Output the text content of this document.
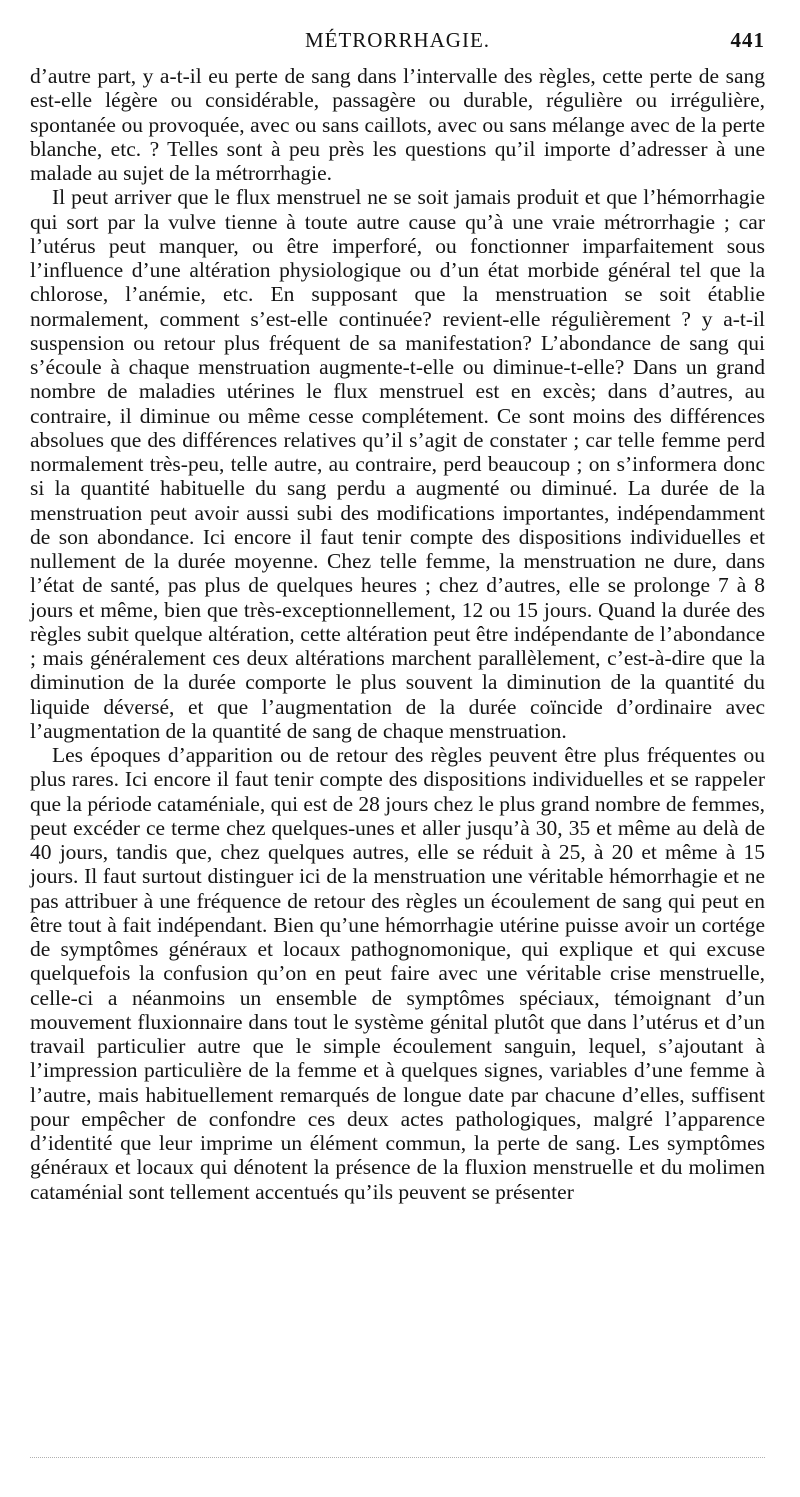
MÉTRORRHAGIE.	441

d’autre part, y a-t-il eu perte de sang dans l’intervalle des règles, cette perte de sang est-elle légère ou considérable, passagère ou durable, régulière ou irrégulière, spontanée ou provoquée, avec ou sans caillots, avec ou sans mélange avec de la perte blanche, etc. ? Telles sont à peu près les questions qu’il importe d’adresser à une malade au sujet de la métrorrhagie.

Il peut arriver que le flux menstruel ne se soit jamais produit et que l’hémorrhagie qui sort par la vulve tienne à toute autre cause qu’à une vraie métrorrhagie ; car l’utérus peut manquer, ou être imperforé, ou fonctionner imparfaitement sous l’influence d’une altération physiologique ou d’un état morbide général tel que la chlorose, l’anémie, etc. En supposant que la menstruation se soit établie normalement, comment s’est-elle continuée? revient-elle régulièrement ? y a-t-il suspension ou retour plus fréquent de sa manifestation? L’abondance de sang qui s’écoule à chaque menstruation augmente-t-elle ou diminue-t-elle? Dans un grand nombre de maladies utérines le flux menstruel est en excès; dans d’autres, au contraire, il diminue ou même cesse complétement. Ce sont moins des différences absolues que des différences relatives qu’il s’agit de constater ; car telle femme perd normalement très-peu, telle autre, au contraire, perd beaucoup ; on s’informera donc si la quantité habituelle du sang perdu a augmenté ou diminué. La durée de la menstruation peut avoir aussi subi des modifications importantes, indépendamment de son abondance. Ici encore il faut tenir compte des dispositions individuelles et nullement de la durée moyenne. Chez telle femme, la menstruation ne dure, dans l’état de santé, pas plus de quelques heures ; chez d’autres, elle se prolonge 7 à 8 jours et même, bien que très-exceptionnellement, 12 ou 15 jours. Quand la durée des règles subit quelque altération, cette altération peut être indépendante de l’abondance ; mais généralement ces deux altérations marchent parallèlement, c’est-à-dire que la diminution de la durée comporte le plus souvent la diminution de la quantité du liquide déversé, et que l’augmentation de la durée coïncide d’ordinaire avec l’augmentation de la quantité de sang de chaque menstruation.

Les époques d’apparition ou de retour des règles peuvent être plus fréquentes ou plus rares. Ici encore il faut tenir compte des dispositions individuelles et se rappeler que la période cataméniale, qui est de 28 jours chez le plus grand nombre de femmes, peut excéder ce terme chez quelques-unes et aller jusqu’à 30, 35 et même au delà de 40 jours, tandis que, chez quelques autres, elle se réduit à 25, à 20 et même à 15 jours. Il faut surtout distinguer ici de la menstruation une véritable hémorrhagie et ne pas attribuer à une fréquence de retour des règles un écoulement de sang qui peut en être tout à fait indépendant. Bien qu’une hémorrhagie utérine puisse avoir un cortége de symptômes généraux et locaux pathognomonique, qui explique et qui excuse quelquefois la confusion qu’on en peut faire avec une véritable crise menstruelle, celle-ci a néanmoins un ensemble de symptômes spéciaux, témoignant d’un mouvement fluxionnaire dans tout le système génital plutôt que dans l’utérus et d’un travail particulier autre que le simple écoulement sanguin, lequel, s’ajoutant à l’impression particulière de la femme et à quelques signes, variables d’une femme à l’autre, mais habituellement remarqués de longue date par chacune d’elles, suffisent pour empêcher de confondre ces deux actes pathologiques, malgré l’apparence d’identité que leur imprime un élément commun, la perte de sang. Les symptômes généraux et locaux qui dénotent la présence de la fluxion menstruelle et du molimen cataménial sont tellement accentués qu’ils peuvent se présenter
